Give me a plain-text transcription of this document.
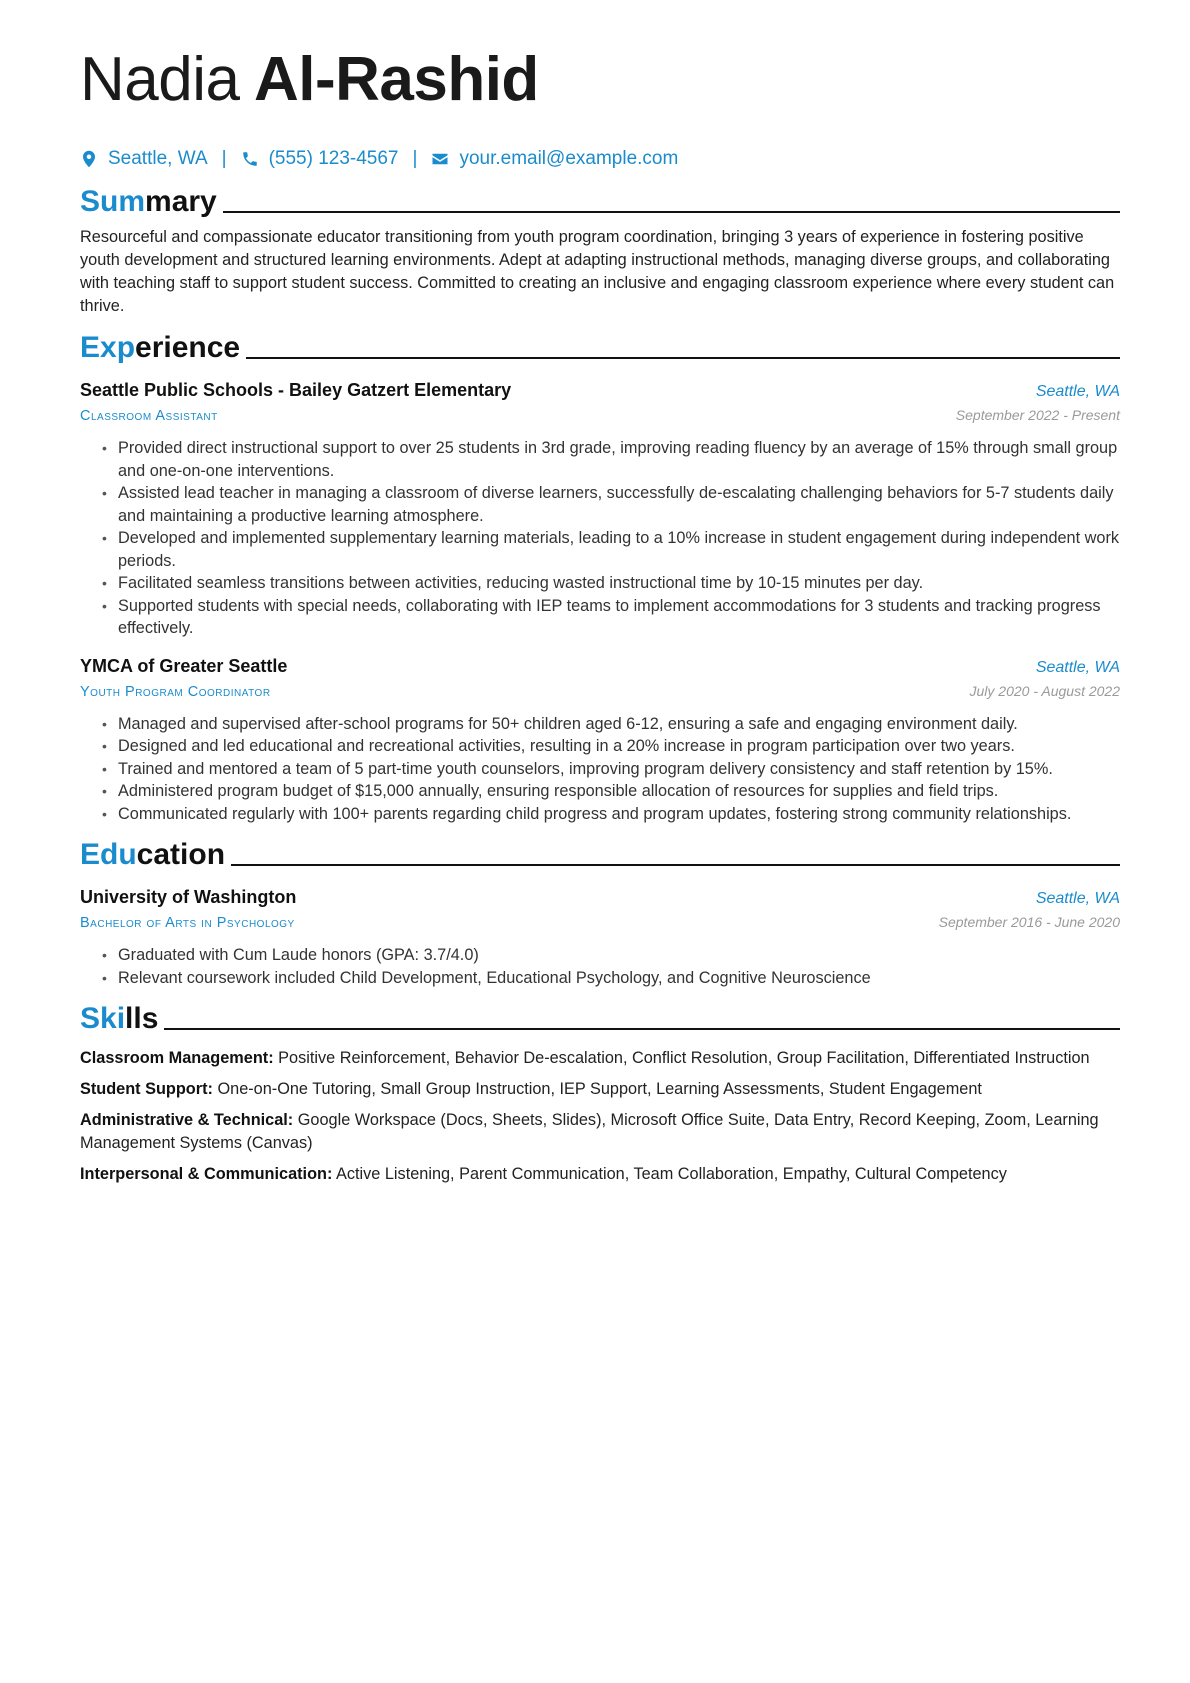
Nadia Al-Rashid
Seattle, WA | (555) 123-4567 | your.email@example.com
Summary

Resourceful and compassionate educator transitioning from youth program coordination, bringing 3 years of experience in fostering positive youth development and structured learning environments. Adept at adapting instructional methods, managing diverse groups, and collaborating with teaching staff to support student success. Committed to creating an inclusive and engaging classroom experience where every student can thrive.

Experience
Seattle Public Schools - Bailey Gatzert Elementary	Seattle, WA
Classroom Assistant	September 2022 - Present
• Provided direct instructional support to over 25 students in 3rd grade, improving reading fluency by an average of 15% through small group and one-on-one interventions.
• Assisted lead teacher in managing a classroom of diverse learners, successfully de-escalating challenging behaviors for 5-7 students daily and maintaining a productive learning atmosphere.
• Developed and implemented supplementary learning materials, leading to a 10% increase in student engagement during independent work periods.
• Facilitated seamless transitions between activities, reducing wasted instructional time by 10-15 minutes per day.
• Supported students with special needs, collaborating with IEP teams to implement accommodations for 3 students and tracking progress effectively.
YMCA of Greater Seattle	Seattle, WA
Youth Program Coordinator	July 2020 - August 2022
• Managed and supervised after-school programs for 50+ children aged 6-12, ensuring a safe and engaging environment daily.
• Designed and led educational and recreational activities, resulting in a 20% increase in program participation over two years.
• Trained and mentored a team of 5 part-time youth counselors, improving program delivery consistency and staff retention by 15%.
• Administered program budget of $15,000 annually, ensuring responsible allocation of resources for supplies and field trips.
• Communicated regularly with 100+ parents regarding child progress and program updates, fostering strong community relationships.
Education
University of Washington	Seattle, WA
Bachelor of Arts in Psychology	September 2016 - June 2020
• Graduated with Cum Laude honors (GPA: 3.7/4.0)
• Relevant coursework included Child Development, Educational Psychology, and Cognitive Neuroscience
Skills
Classroom Management: Positive Reinforcement, Behavior De-escalation, Conflict Resolution, Group Facilitation, Differentiated Instruction
Student Support: One-on-One Tutoring, Small Group Instruction, IEP Support, Learning Assessments, Student Engagement
Administrative & Technical: Google Workspace (Docs, Sheets, Slides), Microsoft Office Suite, Data Entry, Record Keeping, Zoom, Learning Management Systems (Canvas)
Interpersonal & Communication: Active Listening, Parent Communication, Team Collaboration, Empathy, Cultural Competency
